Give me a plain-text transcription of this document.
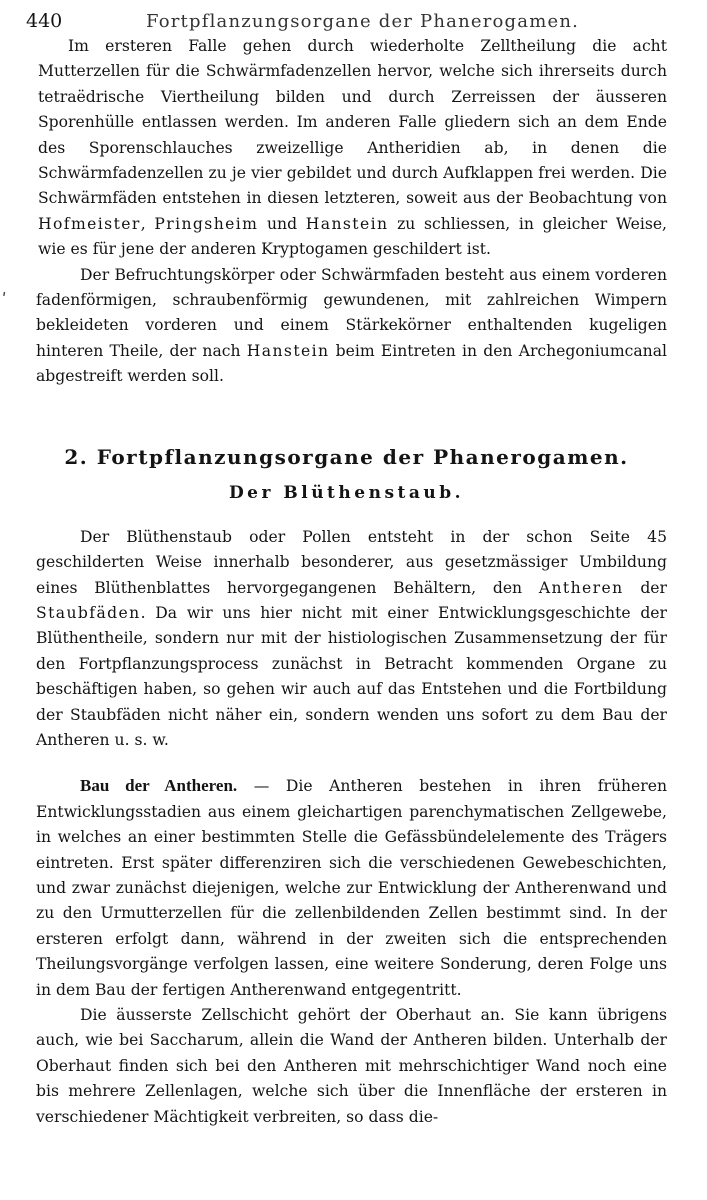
440	Fortpflanzungsorgane der Phanerogamen.
ʹ

Im ersteren Falle gehen durch wiederholte Zelltheilung die acht Mutterzellen für die Schwärmfadenzellen hervor, welche sich ihrerseits durch tetraëdrische Viertheilung bilden und durch Zerreissen der äusseren Sporenhülle entlassen werden. Im anderen Falle gliedern sich an dem Ende des Sporenschlauches zweizellige Antheridien ab, in denen die Schwärmfadenzellen zu je vier gebildet und durch Aufklappen frei werden. Die Schwärmfäden entstehen in diesen letzteren, soweit aus der Beobachtung von Hofmeister, Pringsheim und Hanstein zu schliessen, in gleicher Weise, wie es für jene der anderen Kryptogamen geschildert ist.

Der Befruchtungskörper oder Schwärmfaden besteht aus einem vorderen fadenförmigen, schraubenförmig gewundenen, mit zahlreichen Wimpern bekleideten vorderen und einem Stärkekörner enthaltenden kugeligen hinteren Theile, der nach Hanstein beim Eintreten in den Archegoniumcanal abgestreift werden soll.

2. Fortpflanzungsorgane der Phanerogamen.
Der Blüthenstaub.

Der Blüthenstaub oder Pollen entsteht in der schon Seite 45 geschilderten Weise innerhalb besonderer, aus gesetzmässiger Umbildung eines Blüthenblattes hervorgegangenen Behältern, den Antheren der Staubfäden. Da wir uns hier nicht mit einer Entwicklungsgeschichte der Blüthentheile, sondern nur mit der histiologischen Zusammensetzung der für den Fortpflanzungsprocess zunächst in Betracht kommenden Organe zu beschäftigen haben, so gehen wir auch auf das Entstehen und die Fortbildung der Staubfäden nicht näher ein, sondern wenden uns sofort zu dem Bau der Antheren u. s. w.

Bau der Antheren. — Die Antheren bestehen in ihren früheren Entwicklungsstadien aus einem gleichartigen parenchymatischen Zellgewebe, in welches an einer bestimmten Stelle die Gefässbündelelemente des Trägers eintreten. Erst später differenziren sich die verschiedenen Gewebeschichten, und zwar zunächst diejenigen, welche zur Entwicklung der Antherenwand und zu den Urmutterzellen für die zellenbildenden Zellen bestimmt sind. In der ersteren erfolgt dann, während in der zweiten sich die entsprechenden Theilungsvorgänge verfolgen lassen, eine weitere Sonderung, deren Folge uns in dem Bau der fertigen Antherenwand entgegentritt.

Die äusserste Zellschicht gehört der Oberhaut an. Sie kann übrigens auch, wie bei Saccharum, allein die Wand der Antheren bilden. Unterhalb der Oberhaut finden sich bei den Antheren mit mehrschichtiger Wand noch eine bis mehrere Zellenlagen, welche sich über die Innenfläche der ersteren in verschiedener Mächtigkeit verbreiten, so dass die-
